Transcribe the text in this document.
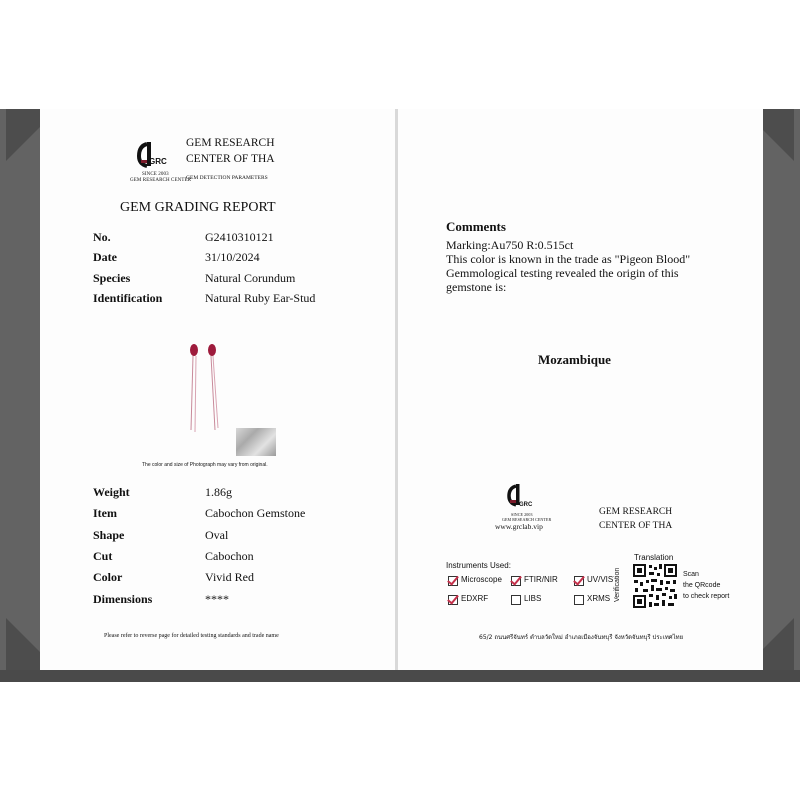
GRC
SINCE 2003
GEM RESEARCH CENTER
GEM RESEARCH
CENTER OF THA
GEM DETECTION PARAMETERS
GEM GRADING REPORT
No.	G2410310121
Date	31/10/2024
Species	Natural Corundum
Identification	Natural Ruby Ear-Stud
The color and size of Photograph may vary from original.
Weight	1.86g
Item	Cabochon Gemstone
Shape	Oval
Cut	Cabochon
Color	Vivid Red
Dimensions	****
Please refer to reverse page for detailed testing standards and trade name
Comments
Marking:Au750 R:0.515ct
This color is known in the trade as "Pigeon Blood"
Gemmological testing revealed the origin of this
gemstone is:
Mozambique
GRC
SINCE 2003
GEM RESEARCH CENTER
www.grclab.vip
GEM RESEARCH
CENTER OF THA
Instruments Used:
Microscope	FTIR/NIR	UV/VIS
EDXRF	LIBS	XRMS
Translation
Verification	Scan
the QRcode
to check report
65/2 ถนนศรีจันทร์ ตำบลวัดใหม่ อำเภอเมืองจันทบุรี จังหวัดจันทบุรี ประเทศไทย
